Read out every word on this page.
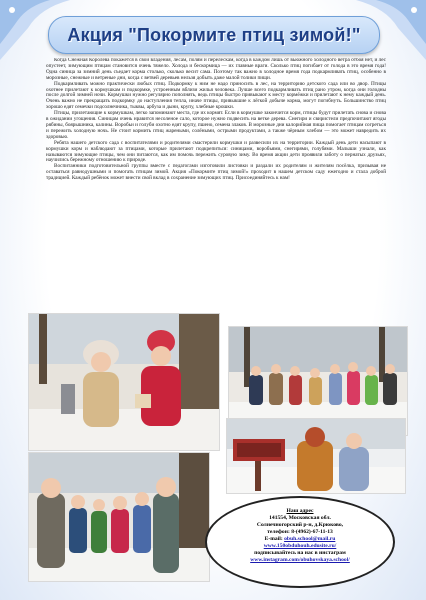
Акция "Покормите птиц зимой!"

Когда Снежная Королева покажется в свои владения, лесам, полям и перелескам, когда в каждом лишь от вьюжного холодного ветра отбоя нет, и лес опустеет, зимующим птицам становится очень тяжело. Холода и бескормица — их главные враги. Сколько птиц погибает от голода в это время года! Одна синица за зимний день съедает корма столько, сколько весит сама. Поэтому так важно в холодное время года подкармливать птиц, особенно в морозные, снежные и ветреные дни, когда с ветвей деревьев нельзя добыть даже малой толики пищи.

Подкармливать можно практически любых птиц. Подкормку к ним не надо приносить в лес, на территорию детского сада или во двор. Птицы охотнее прилетают к кормушкам и подкормке, устроенным вблизи жилья человека. Лучше всего подкармливать птиц рано утром, когда они голодны после долгой зимней ночи. Кормушки нужно регулярно пополнять, ведь птицы быстро привыкают к месту кормёжки и прилетают к нему каждый день. Очень важно не прекращать подкормку до наступления тепла, иначе птицы, привыкшие к лёгкой добыче корма, могут погибнуть. Большинство птиц хорошо едят семечки подсолнечника, тыквы, арбуза и дыни, крупу, хлебные крошки.

Птицы, прилетающие к кормушкам, легко запоминают места, где их кормят. Если в кормушке закончится корм, птицы будут прилетать снова и снова в ожидании угощения. Синицам очень нравится несоленое сало, которое нужно подвесить на ветке дерева. Снегири и свиристели предпочитают ягоды рябины, боярышника, калины. Воробьи и голуби охотно едят крупу, пшено, семена злаков. В морозные дни калорийная пища помогает птицам согреться и пережить холодную ночь. Не стоит кормить птиц жареными, солёными, острыми продуктами, а также чёрным хлебом — это может навредить их здоровью.

Ребята нашего детского сада с воспитателями и родителями смастерили кормушки и развесили их на территории. Каждый день дети насыпают в кормушки корм и наблюдают за птицами, которые прилетают подкрепиться: синицами, воробьями, снегирями, голубями. Малыши узнали, как называются зимующие птицы, чем они питаются, как им помочь пережить суровую зиму. Во время акции дети проявили заботу о пернатых друзьях, научились бережному отношению к природе.

Воспитанники подготовительной группы вместе с педагогами изготовили листовки и раздали их родителям и жителям посёлка, призывая не оставаться равнодушными и помогать птицам зимой. Акция «Покормите птиц зимой!» проходит в нашем детском саду ежегодно и стала доброй традицией. Каждый ребёнок может внести свой вклад в сохранение зимующих птиц. Присоединяйтесь к нам!

Наш адрес
141554, Московская обл.
Солнечногорский р-н, д.Крюково,
телефон: 8-(4962)-67-11-13
E-mail: obuh.school@mail.ru
www.150obduhouh.edusite.ru/
подписывайтесь на нас в инстаграм
www.instagram.com/obuhovskaya.school/
